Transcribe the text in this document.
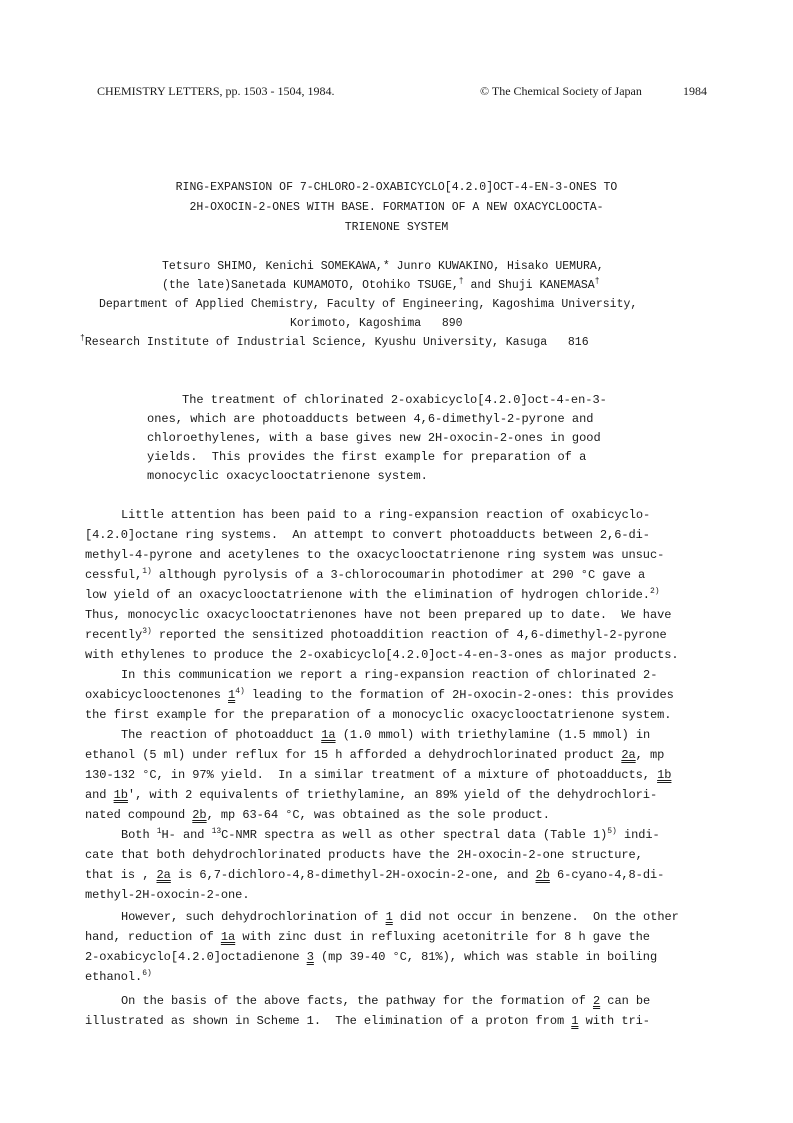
CHEMISTRY LETTERS, pp. 1503 - 1504, 1984.	© The Chemical Society of Japan	1984
RING-EXPANSION OF 7-CHLORO-2-OXABICYCLO[4.2.0]OCT-4-EN-3-ONES TO
2H-OXOCIN-2-ONES WITH BASE. FORMATION OF A NEW OXACYCLOOCTA-
TRIENONE SYSTEM
Tetsuro SHIMO, Kenichi SOMEKAWA,* Junro KUWAKINO, Hisako UEMURA,
(the late)Sanetada KUMAMOTO, Otohiko TSUGE,† and Shuji KANEMASA†
Department of Applied Chemistry, Faculty of Engineering, Kagoshima University,
Korimoto, Kagoshima   890
†Research Institute of Industrial Science, Kyushu University, Kasuga   816
The treatment of chlorinated 2-oxabicyclo[4.2.0]oct-4-en-3-
ones, which are photoadducts between 4,6-dimethyl-2-pyrone and
chloroethylenes, with a base gives new 2H-oxocin-2-ones in good
yields.  This provides the first example for preparation of a
monocyclic oxacyclooctatrienone system.
Little attention has been paid to a ring-expansion reaction of oxabicyclo-
[4.2.0]octane ring systems.  An attempt to convert photoadducts between 2,6-di-
methyl-4-pyrone and acetylenes to the oxacyclooctatrienone ring system was unsuc-
cessful,$^{1)}$ although pyrolysis of a 3-chlorocoumarin photodimer at 290 °C gave a
low yield of an oxacyclooctatrienone with the elimination of hydrogen chloride.$^{2)}$
Thus, monocyclic oxacyclooctatrienones have not been prepared up to date.  We have
recently$^{3)}$ reported the sensitized photoaddition reaction of 4,6-dimethyl-2-pyrone
with ethylenes to produce the 2-oxabicyclo[4.2.0]oct-4-en-3-ones as major products.
In this communication we report a ring-expansion reaction of chlorinated 2-
oxabicyclooctenones 1$^{4)}$ leading to the formation of 2H-oxocin-2-ones: this provides
the first example for the preparation of a monocyclic oxacyclooctatrienone system.
The reaction of photoadduct 1a (1.0 mmol) with triethylamine (1.5 mmol) in
ethanol (5 ml) under reflux for 15 h afforded a dehydrochlorinated product 2a, mp
130-132 °C, in 97% yield.  In a similar treatment of a mixture of photoadducts, 1b
and 1b', with 2 equivalents of triethylamine, an 89% yield of the dehydrochlori-
nated compound 2b, mp 63-64 °C, was obtained as the sole product.
Both $^1$H- and $^{13}$C-NMR spectra as well as other spectral data (Table 1)$^{5)}$ indi-
cate that both dehydrochlorinated products have the 2H-oxocin-2-one structure,
that is , 2a is 6,7-dichloro-4,8-dimethyl-2H-oxocin-2-one, and 2b 6-cyano-4,8-di-
methyl-2H-oxocin-2-one.
However, such dehydrochlorination of 1 did not occur in benzene.  On the other
hand, reduction of 1a with zinc dust in refluxing acetonitrile for 8 h gave the
2-oxabicyclo[4.2.0]octadienone 3 (mp 39-40 °C, 81%), which was stable in boiling
ethanol.$^{6)}$
On the basis of the above facts, the pathway for the formation of 2 can be
illustrated as shown in Scheme 1.  The elimination of a proton from 1 with tri-
